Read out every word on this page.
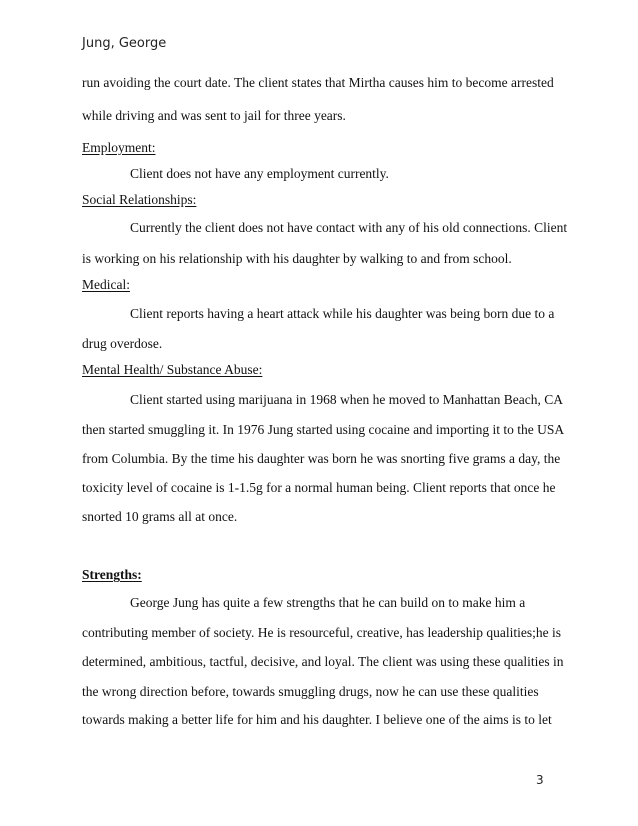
Jung, George
run avoiding the court date. The client states that Mirtha causes him to become arrested
while driving and was sent to jail for three years.
Employment:
Client does not have any employment currently.
Social Relationships:
Currently the client does not have contact with any of his old connections. Client
is working on his relationship with his daughter by walking to and from school.
Medical:
Client reports having a heart attack while his daughter was being born due to a
drug overdose.
Mental Health/ Substance Abuse:
Client started using marijuana in 1968 when he moved to Manhattan Beach, CA
then started smuggling it. In 1976 Jung started using cocaine and importing it to the USA
from Columbia. By the time his daughter was born he was snorting five grams a day, the
toxicity level of cocaine is 1-1.5g for a normal human being. Client reports that once he
snorted 10 grams all at once.
Strengths:
George Jung has quite a few strengths that he can build on to make him a
contributing member of society. He is resourceful, creative, has leadership qualities;he is
determined, ambitious, tactful, decisive, and loyal. The client was using these qualities in
the wrong direction before, towards smuggling drugs, now he can use these qualities
towards making a better life for him and his daughter. I believe one of the aims is to let
3
